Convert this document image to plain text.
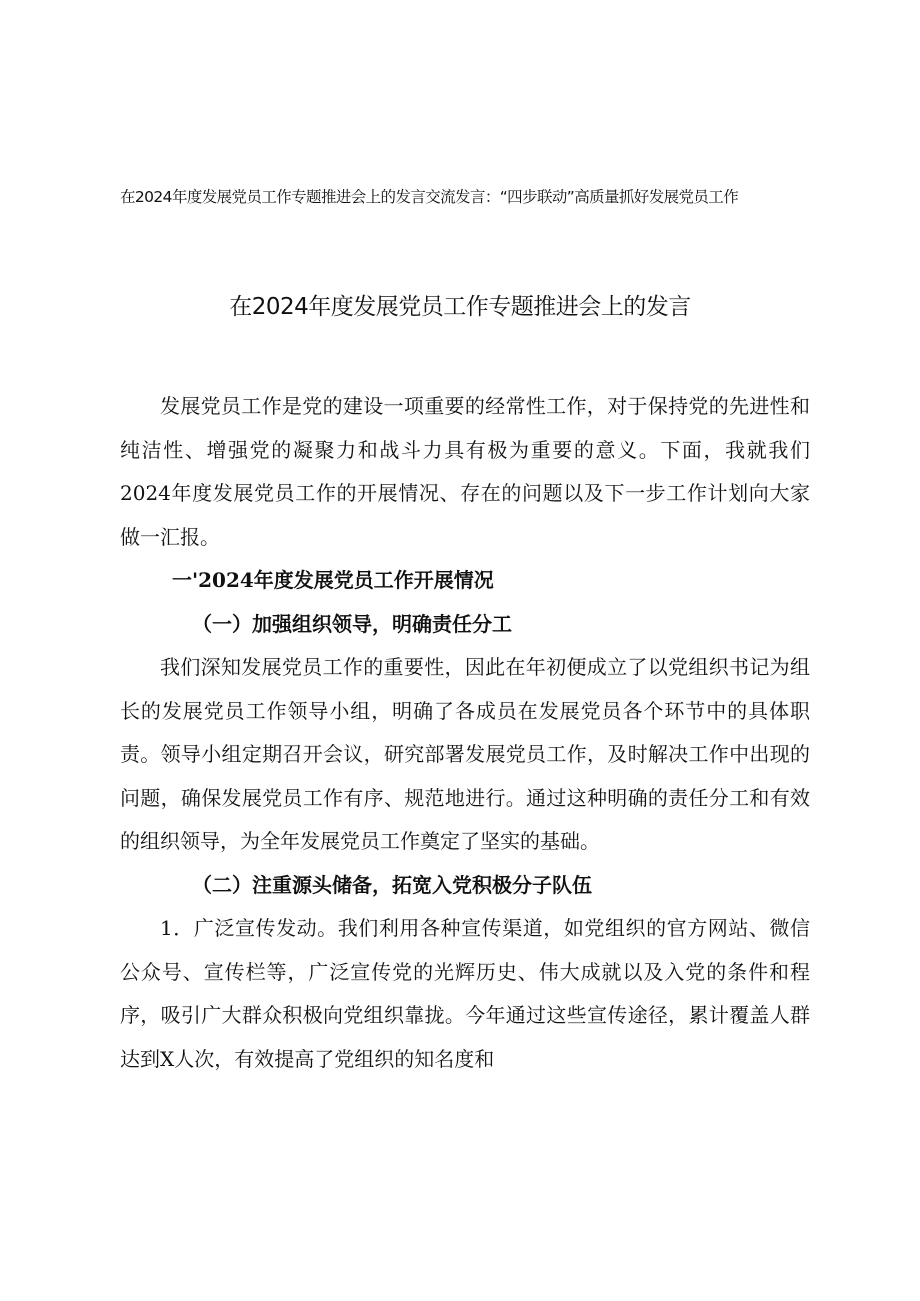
在2024年度发展党员工作专题推进会上的发言交流发言：“四步联动”高质量抓好发展党员工作
在2024年度发展党员工作专题推进会上的发言

发展党员工作是党的建设一项重要的经常性工作，对于保持党的先进性和纯洁性、增强党的凝聚力和战斗力具有极为重要的意义。下面，我就我们2024年度发展党员工作的开展情况、存在的问题以及下一步工作计划向大家做一汇报。

一'2024年度发展党员工作开展情况
（一）加强组织领导，明确责任分工

我们深知发展党员工作的重要性，因此在年初便成立了以党组织书记为组长的发展党员工作领导小组，明确了各成员在发展党员各个环节中的具体职责。领导小组定期召开会议，研究部署发展党员工作，及时解决工作中出现的问题，确保发展党员工作有序、规范地进行。通过这种明确的责任分工和有效的组织领导，为全年发展党员工作奠定了坚实的基础。

（二）注重源头储备，拓宽入党积极分子队伍

1．广泛宣传发动。我们利用各种宣传渠道，如党组织的官方网站、微信公众号、宣传栏等，广泛宣传党的光辉历史、伟大成就以及入党的条件和程序，吸引广大群众积极向党组织靠拢。今年通过这些宣传途径，累计覆盖人群达到X人次，有效提高了党组织的知名度和
